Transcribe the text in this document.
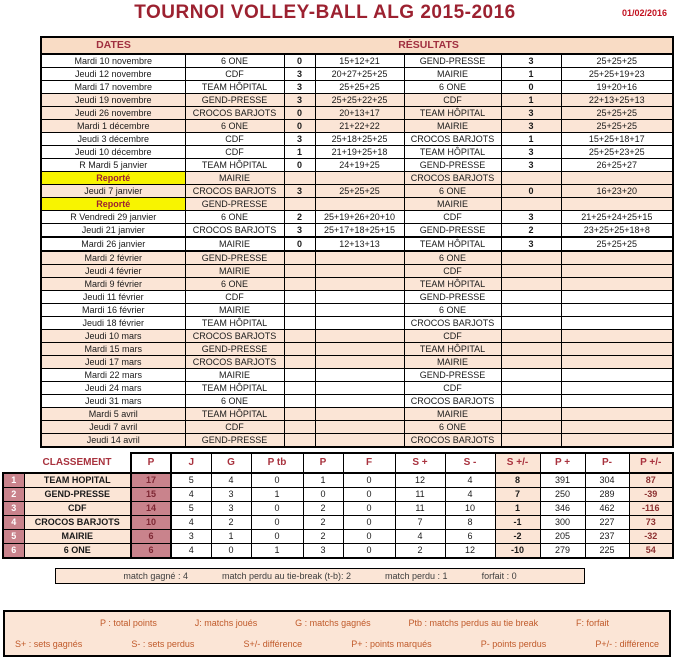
TOURNOI VOLLEY-BALL ALG 2015-2016	01/02/2016
DATES	RÉSULTATS					
Mardi 10 novembre	6 ONE	0	15+12+21	GEND-PRESSE	3	25+25+25
Jeudi 12 novembre	CDF	3	20+27+25+25	MAIRIE	1	25+25+19+23
Mardi 17 novembre	TEAM HÔPITAL	3	25+25+25	6 ONE	0	19+20+16
Jeudi 19 novembre	GEND-PRESSE	3	25+25+22+25	CDF	1	22+13+25+13
Jeudi 26 novembre	CROCOS BARJOTS	0	20+13+17	TEAM HÔPITAL	3	25+25+25
Mardi 1 décembre	6 ONE	0	21+22+22	MAIRIE	3	25+25+25
Jeudi 3 décembre	CDF	3	25+18+25+25	CROCOS BARJOTS	1	15+25+18+17
Jeudi 10 décembre	CDF	1	21+19+25+18	TEAM HÔPITAL	3	25+25+23+25
R Mardi 5 janvier	TEAM HÔPITAL	0	24+19+25	GEND-PRESSE	3	26+25+27
Reporté	MAIRIE			CROCOS BARJOTS		
Jeudi 7 janvier	CROCOS BARJOTS	3	25+25+25	6 ONE	0	16+23+20
Reporté	GEND-PRESSE			MAIRIE		
R Vendredi 29 janvier	6 ONE	2	25+19+26+20+10	CDF	3	21+25+24+25+15
Jeudi 21 janvier	CROCOS BARJOTS	3	25+17+18+25+15	GEND-PRESSE	2	23+25+25+18+8
Mardi 26 janvier	MAIRIE	0	12+13+13	TEAM HÔPITAL	3	25+25+25
Mardi 2 février	GEND-PRESSE			6 ONE		
Jeudi 4 février	MAIRIE			CDF		
Mardi 9 février	6 ONE			TEAM HÔPITAL		
Jeudi 11 février	CDF			GEND-PRESSE		
Mardi 16 février	MAIRIE			6 ONE		
Jeudi 18 février	TEAM HÔPITAL			CROCOS BARJOTS		
Jeudi 10 mars	CROCOS BARJOTS			CDF		
Mardi 15 mars	GEND-PRESSE			TEAM HÔPITAL		
Jeudi 17 mars	CROCOS BARJOTS			MAIRIE		
Mardi 22 mars	MAIRIE			GEND-PRESSE		
Jeudi 24 mars	TEAM HÔPITAL			CDF		
Jeudi 31 mars	6 ONE			CROCOS BARJOTS		
Mardi 5 avril	TEAM HÔPITAL			MAIRIE		
Jeudi 7 avril	CDF			6 ONE		
Jeudi 14 avril	GEND-PRESSE			CROCOS BARJOTS		
	CLASSEMENT	P	J	G	P tb	P	F	S +	S -	S +/-	P +	P-	P +/-
1	TEAM HOPITAL	17	5	4	0	1	0	12	4	8	391	304	87
2	GEND-PRESSE	15	4	3	1	0	0	11	4	7	250	289	-39
3	CDF	14	5	3	0	2	0	11	10	1	346	462	-116
4	CROCOS BARJOTS	10	4	2	0	2	0	7	8	-1	300	227	73
5	MAIRIE	6	3	1	0	2	0	4	6	-2	205	237	-32
6	6 ONE	6	4	0	1	3	0	2	12	-10	279	225	54
match gagné : 4	match perdu au tie-break (t-b): 2	match perdu : 1	forfait : 0
P : total points	J: matchs joués	G : matchs gagnés	Ptb : matchs perdus au tie break	F: forfait
S+ : sets gagnés	S- : sets perdus	S+/- différence	P+ : points marqués	P- points perdus	P+/- : différence
